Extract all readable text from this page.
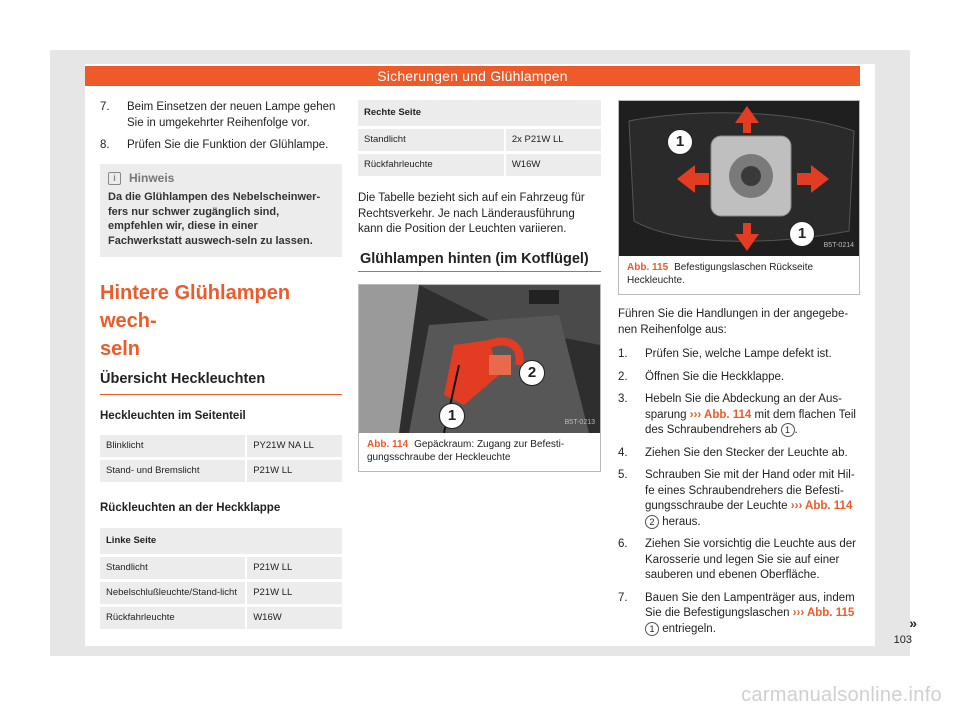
Sicherungen und Glühlampen
7. Beim Einsetzen der neuen Lampe gehen Sie in umgekehrter Reihenfolge vor.
8. Prüfen Sie die Funktion der Glühlampe.
i	Hinweis
Da die Glühlampen des Nebelscheinwer-fers nur schwer zugänglich sind, empfehlen wir, diese in einer Fachwerkstatt auswech-seln zu lassen.
Hintere Glühlampen wech-
seln
Übersicht Heckleuchten
Heckleuchten im Seitenteil
Blinklicht	PY21W NA LL
Stand- und Bremslicht	P21W LL
Rückleuchten an der Heckklappe
Linke Seite	
Standlicht	P21W LL
Nebelschlußleuchte/Stand-licht	P21W LL
Rückfahrleuchte	W16W
Rechte Seite	
Standlicht	2x P21W LL
Rückfahrleuchte	W16W
Die Tabelle bezieht sich auf ein Fahrzeug für Rechtsverkehr. Je nach Länderausführung kann die Position der Leuchten variieren.
Glühlampen hinten (im Kotflügel)
1
2
B5T-0213
Abb. 114 Gepäckraum: Zugang zur Befesti-gungsschraube der Heckleuchte
1
1
B5T-0214
Abb. 115 Befestigungslaschen Rückseite Heckleuchte.
Führen Sie die Handlungen in der angegebe-nen Reihenfolge aus:
1. Prüfen Sie, welche Lampe defekt ist.
2. Öffnen Sie die Heckklappe.
3. Hebeln Sie die Abdeckung an der Aus-sparung ››› Abb. 114 mit dem flachen Teil des Schraubendrehers ab 1 .
4. Ziehen Sie den Stecker der Leuchte ab.
5. Schrauben Sie mit der Hand oder mit Hil-fe eines Schraubendrehers die Befesti-gungsschraube der Leuchte ››› Abb. 114 2 heraus.
6. Ziehen Sie vorsichtig die Leuchte aus der Karosserie und legen Sie sie auf einer sauberen und ebenen Oberfläche.
7. Bauen Sie den Lampenträger aus, indem Sie die Befestigungslaschen ››› Abb. 115 1 entriegeln.	»
103
carmanualsonline.info
